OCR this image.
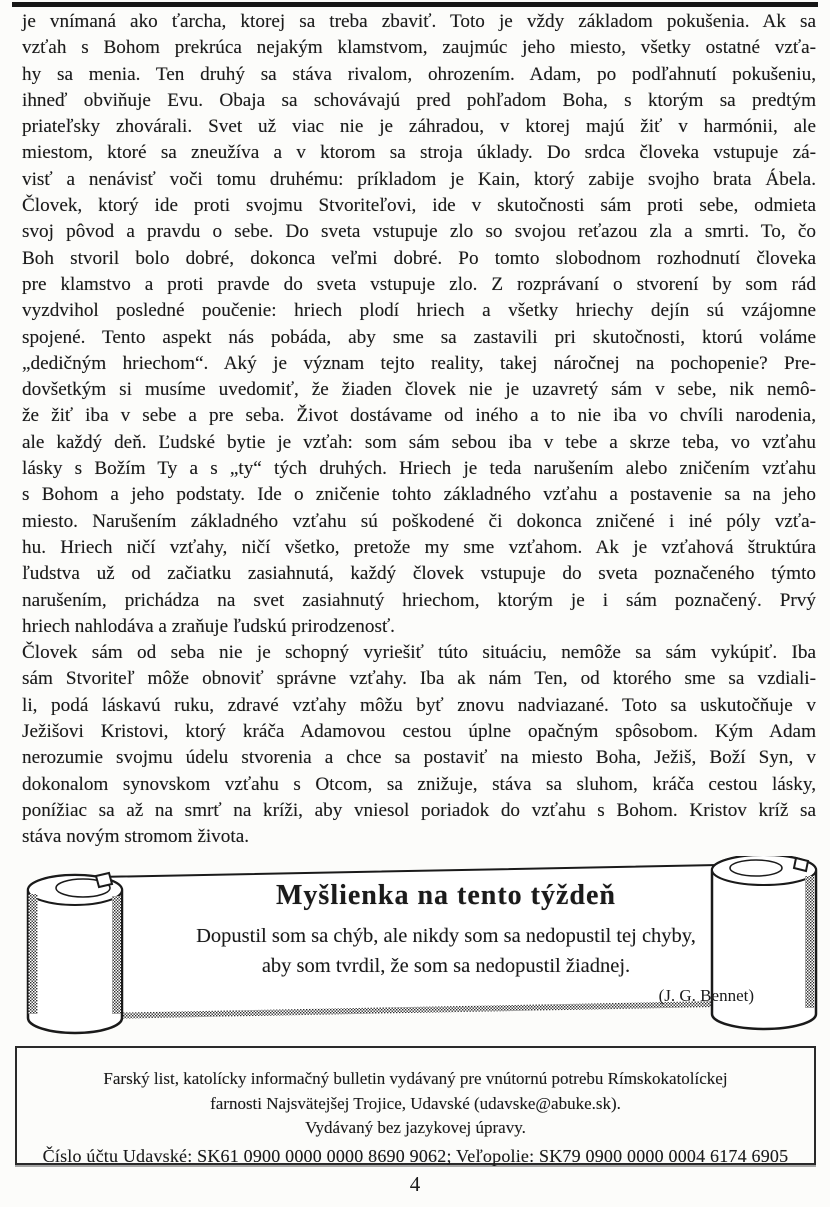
je vnímaná ako ťarcha, ktorej sa treba zbaviť. Toto je vždy základom pokušenia. Ak sa
vzťah s Bohom prekrúca nejakým klamstvom, zaujmúc jeho miesto, všetky ostatné vzťa-
hy sa menia. Ten druhý sa stáva rivalom, ohrozením. Adam, po podľahnutí pokušeniu,
ihneď obviňuje Evu. Obaja sa schovávajú pred pohľadom Boha, s ktorým sa predtým
priateľsky zhovárali. Svet už viac nie je záhradou, v ktorej majú žiť v harmónii, ale
miestom, ktoré sa zneužíva a v ktorom sa stroja úklady. Do srdca človeka vstupuje zá-
visť a nenávisť voči tomu druhému: príkladom je Kain, ktorý zabije svojho brata Ábela.
Človek, ktorý ide proti svojmu Stvoriteľovi, ide v skutočnosti sám proti sebe, odmieta
svoj pôvod a pravdu o sebe. Do sveta vstupuje zlo so svojou reťazou zla a smrti. To, čo
Boh stvoril bolo dobré, dokonca veľmi dobré. Po tomto slobodnom rozhodnutí človeka
pre klamstvo a proti pravde do sveta vstupuje zlo. Z rozprávaní o stvorení by som rád
vyzdvihol posledné poučenie: hriech plodí hriech a všetky hriechy dejín sú vzájomne
spojené. Tento aspekt nás pobáda, aby sme sa zastavili pri skutočnosti, ktorú voláme
„dedičným hriechom“. Aký je význam tejto reality, takej náročnej na pochopenie? Pre-
dovšetkým si musíme uvedomiť, že žiaden človek nie je uzavretý sám v sebe, nik nemô-
že žiť iba v sebe a pre seba. Život dostávame od iného a to nie iba vo chvíli narodenia,
ale každý deň. Ľudské bytie je vzťah: som sám sebou iba v tebe a skrze teba, vo vzťahu
lásky s Božím Ty a s „ty“ tých druhých. Hriech je teda narušením alebo zničením vzťahu
s Bohom a jeho podstaty. Ide o zničenie tohto základného vzťahu a postavenie sa na jeho
miesto. Narušením základného vzťahu sú poškodené či dokonca zničené i iné póly vzťa-
hu. Hriech ničí vzťahy, ničí všetko, pretože my sme vzťahom. Ak je vzťahová štruktúra
ľudstva už od začiatku zasiahnutá, každý človek vstupuje do sveta poznačeného týmto
narušením, prichádza na svet zasiahnutý hriechom, ktorým je i sám poznačený. Prvý
hriech nahlodáva a zraňuje ľudskú prirodzenosť.
Človek sám od seba nie je schopný vyriešiť túto situáciu, nemôže sa sám vykúpiť. Iba
sám Stvoriteľ môže obnoviť správne vzťahy. Iba ak nám Ten, od ktorého sme sa vzdiali-
li, podá láskavú ruku, zdravé vzťahy môžu byť znovu nadviazané. Toto sa uskutočňuje v
Ježišovi Kristovi, ktorý kráča Adamovou cestou úplne opačným spôsobom. Kým Adam
nerozumie svojmu údelu stvorenia a chce sa postaviť na miesto Boha, Ježiš, Boží Syn, v
dokonalom synovskom vzťahu s Otcom, sa znižuje, stáva sa sluhom, kráča cestou lásky,
ponížiac sa až na smrť na kríži, aby vniesol poriadok do vzťahu s Bohom. Kristov kríž sa
stáva novým stromom života.
Myšlienka na tento týždeň
Dopustil som sa chýb, ale nikdy som sa nedopustil tej chyby,
aby som tvrdil, že som sa nedopustil žiadnej.
(J. G. Bennet)
Farský list, katolícky informačný bulletin vydávaný pre vnútornú potrebu Rímskokatolíckej
farnosti Najsvätejšej Trojice, Udavské (udavske@abuke.sk).
Vydávaný bez jazykovej úpravy.
Číslo účtu Udavské: SK61 0900 0000 0000 8690 9062; Veľopolie: SK79 0900 0000 0004 6174 6905
4
